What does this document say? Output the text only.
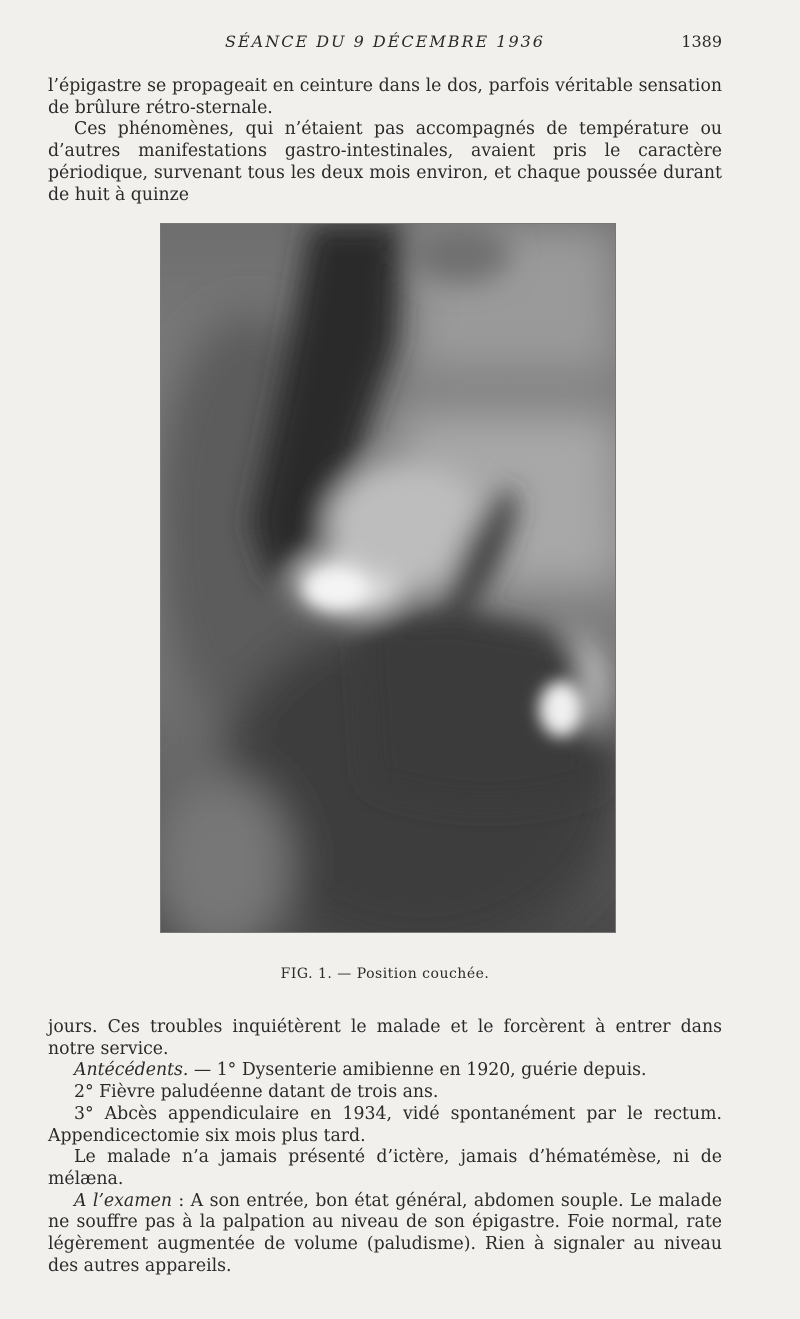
SÉANCE DU 9 DÉCEMBRE 1936	1389

l’épigastre se propageait en ceinture dans le dos, parfois véritable sensation de brûlure rétro-sternale.

Ces phénomènes, qui n’étaient pas accompagnés de température ou d’autres manifestations gastro-intestinales, avaient pris le caractère périodique, survenant tous les deux mois environ, et chaque poussée durant de huit à quinze

FIG. 1. — Position couchée.

jours. Ces troubles inquiétèrent le malade et le forcèrent à entrer dans notre service.

Antécédents. — 1° Dysenterie amibienne en 1920, guérie depuis.

2° Fièvre paludéenne datant de trois ans.

3° Abcès appendiculaire en 1934, vidé spontanément par le rectum. Appendicectomie six mois plus tard.

Le malade n’a jamais présenté d’ictère, jamais d’hématémèse, ni de mélæna.

A l’examen : A son entrée, bon état général, abdomen souple. Le malade ne souffre pas à la palpation au niveau de son épigastre. Foie normal, rate légèrement augmentée de volume (paludisme). Rien à signaler au niveau des autres appareils.
